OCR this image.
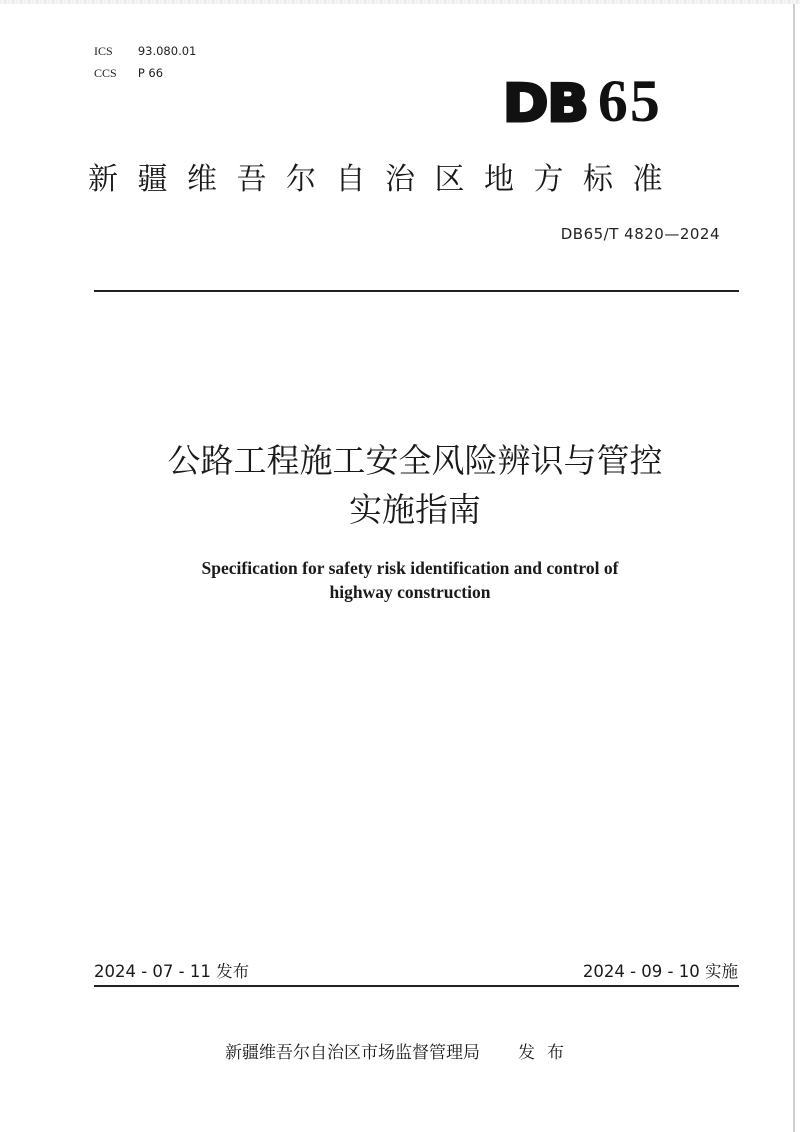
ICS 93.080.01
CCS P 66
DB 65
新疆维吾尔自治区地方标准
DB65/T 4820—2024
公路工程施工安全风险辨识与管控
实施指南
Specification for safety risk identification and control of
highway construction
2024 - 07 - 11 发布	2024 - 09 - 10 实施
新疆维吾尔自治区市场监督管理局 发布
